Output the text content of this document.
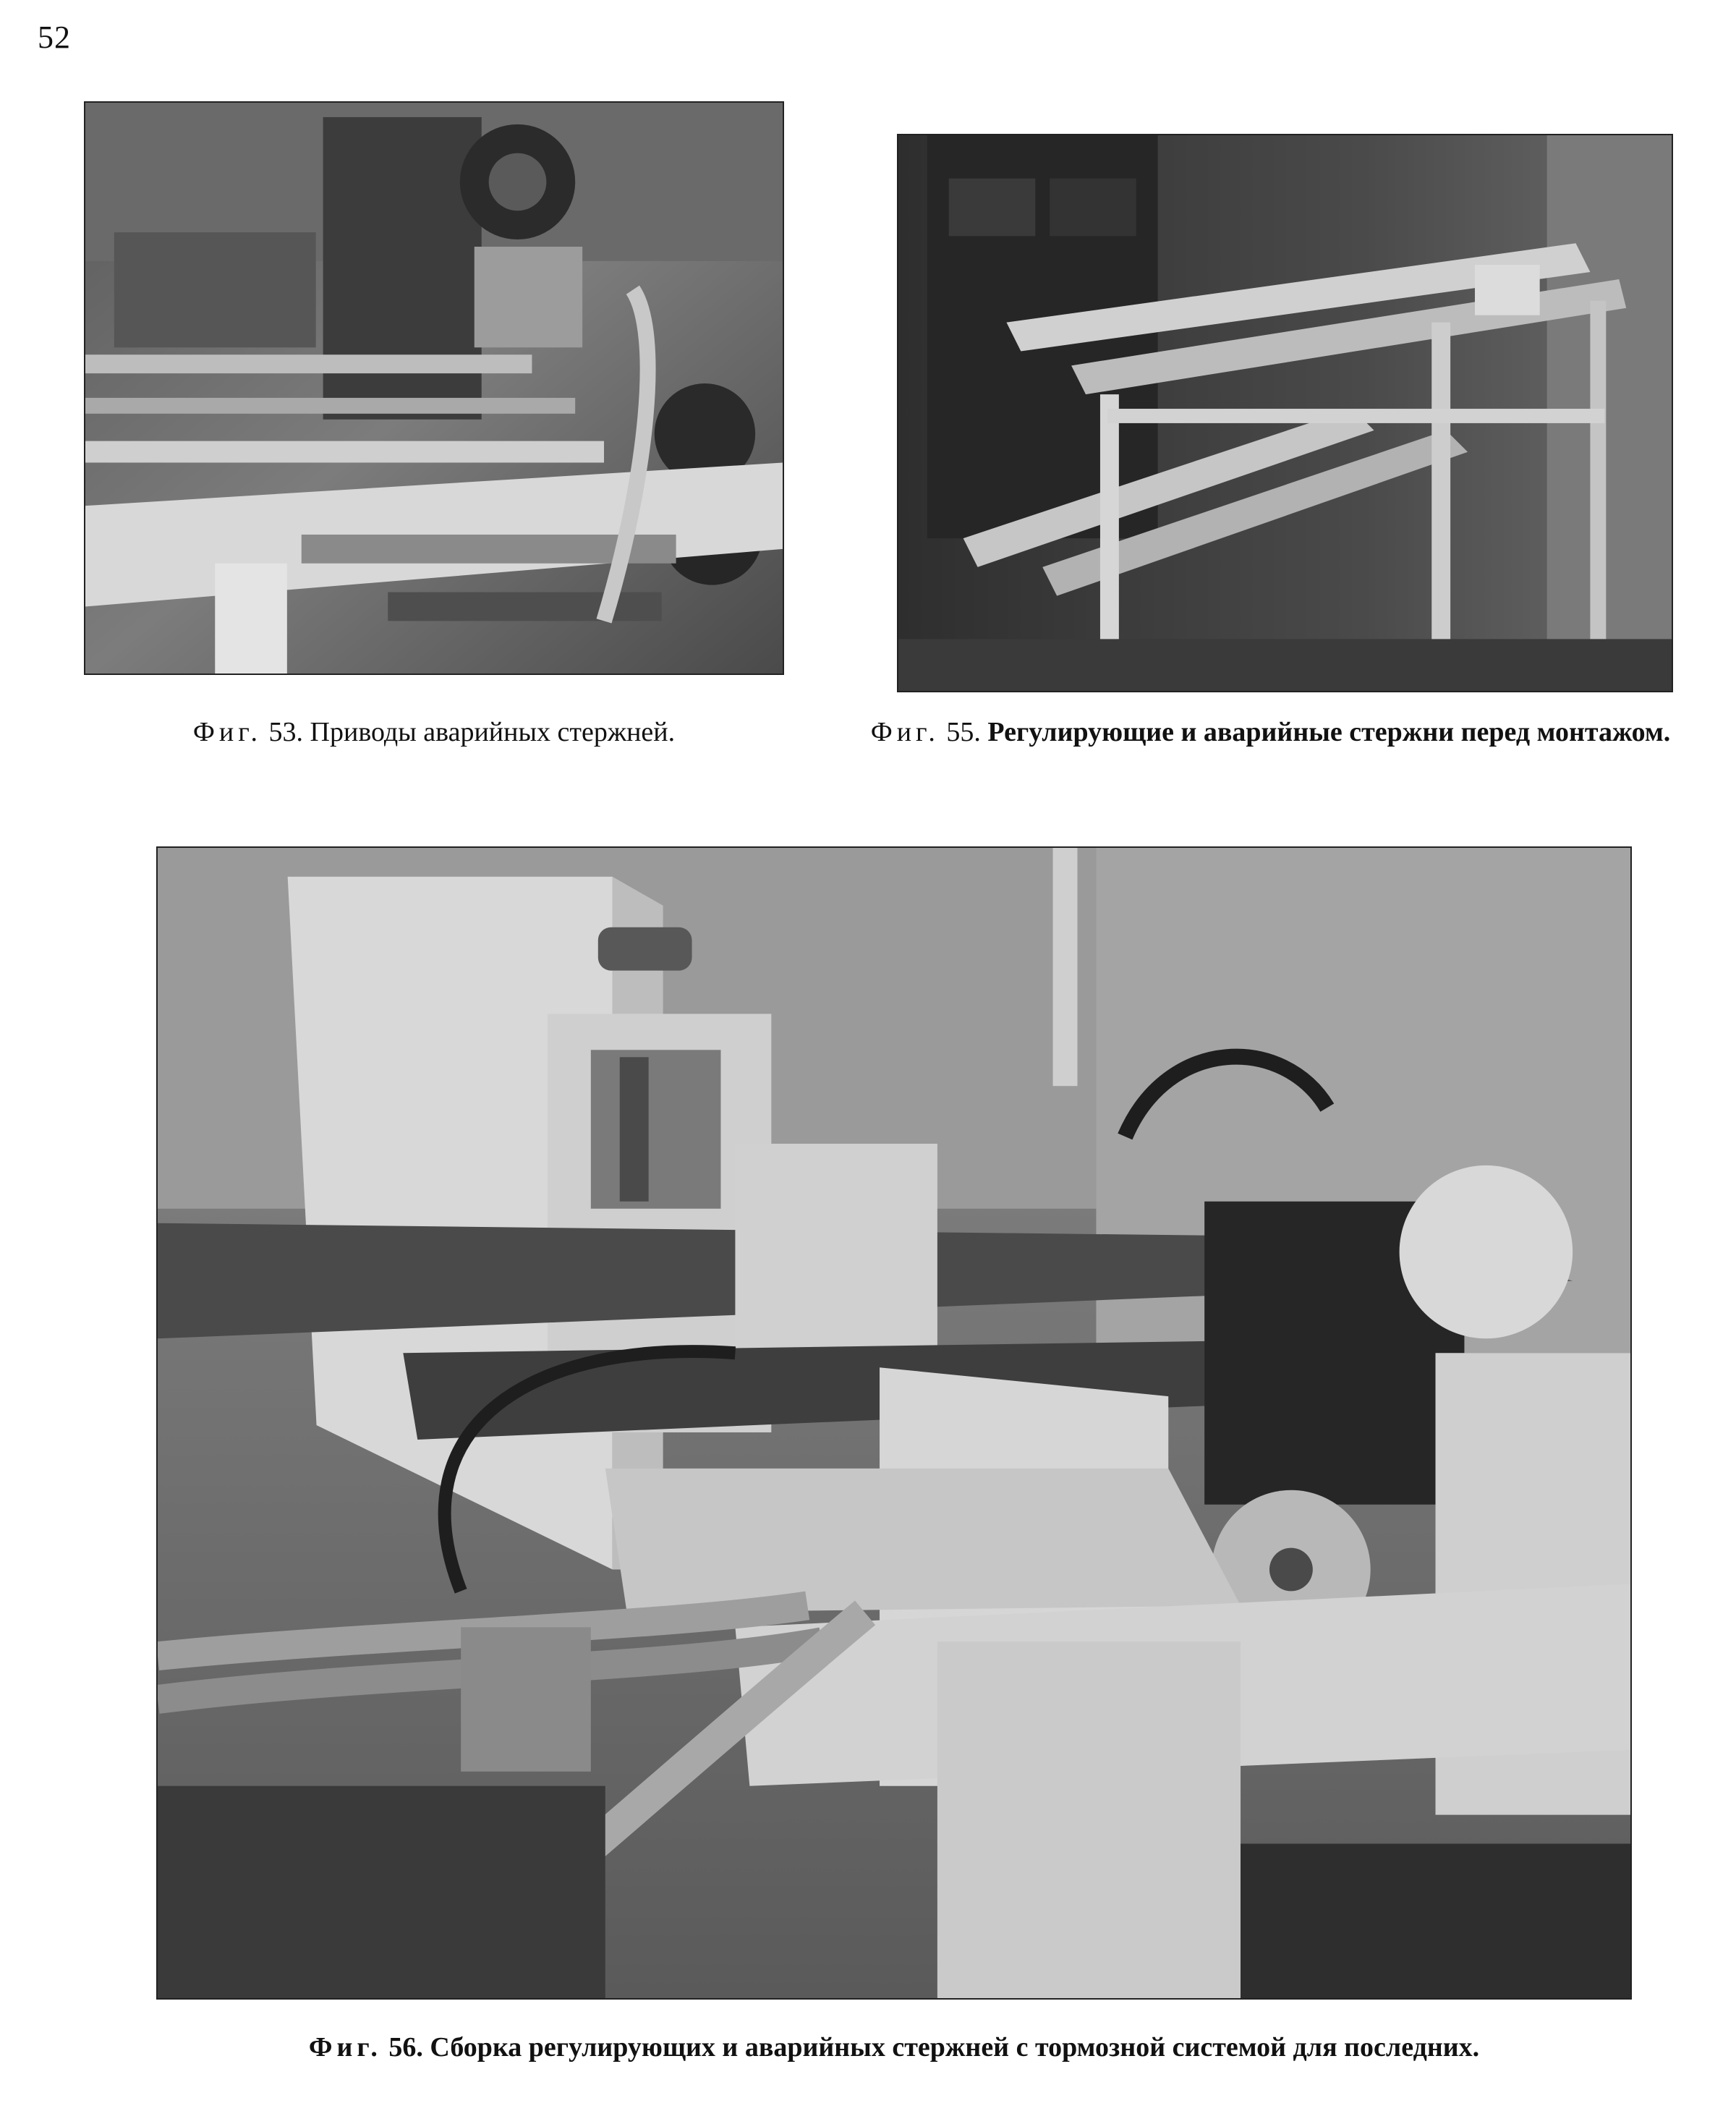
52
Фиг. 53. Приводы аварийных стержней.	Фиг. 55. Регулирующие и аварийные стержни перед монтажом.
Фиг. 56. Сборка регулирующих и аварийных стержней с тормозной системой для последних.
